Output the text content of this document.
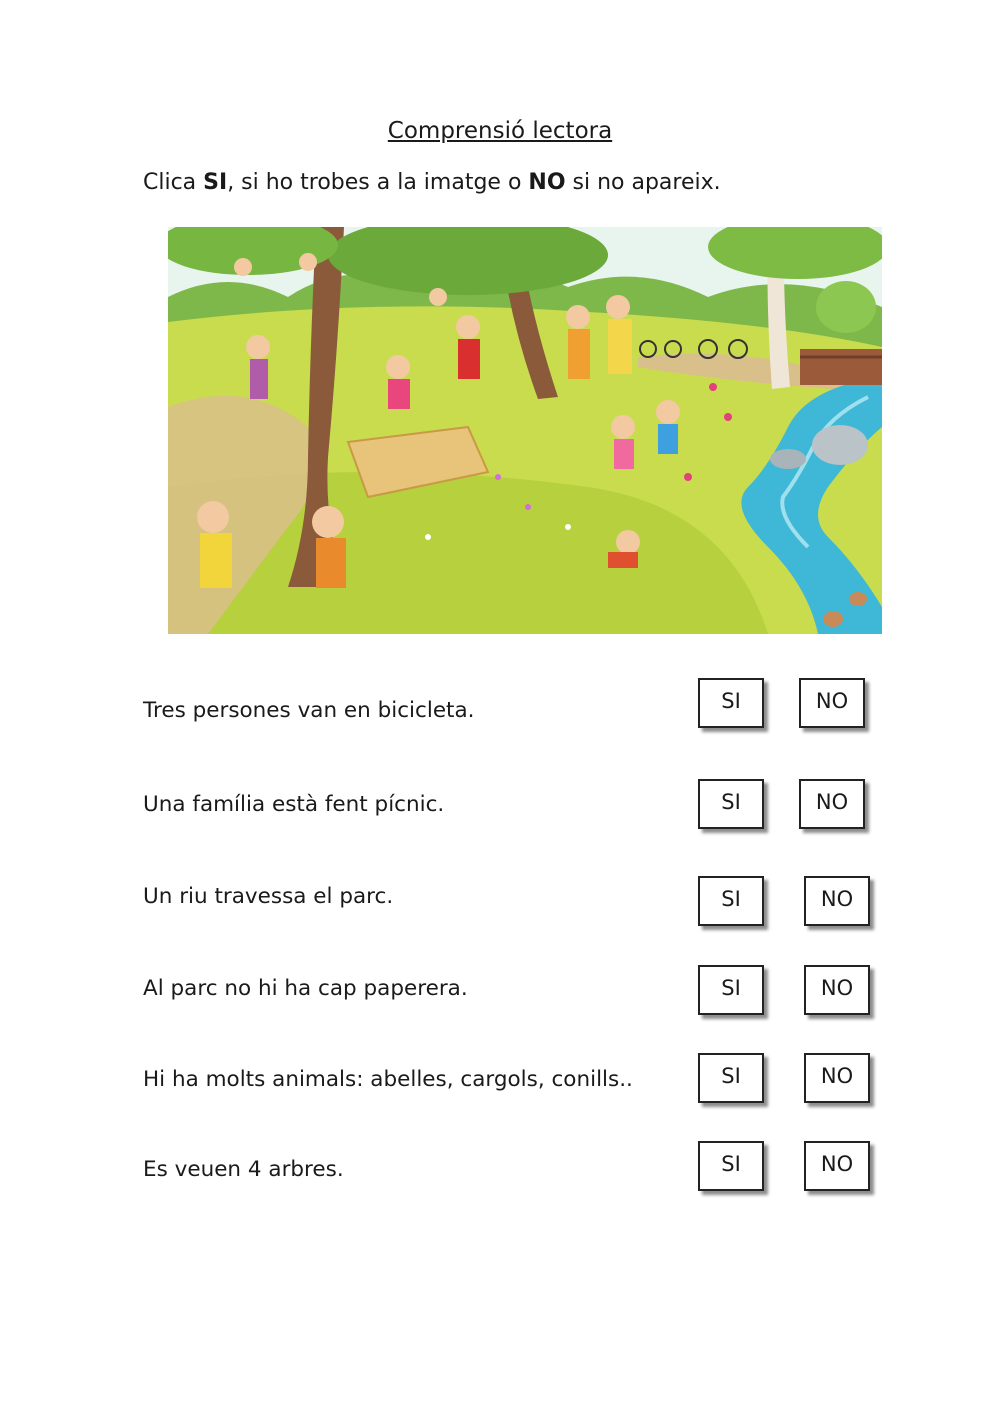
Comprensió lectora
Clica SI, si ho trobes a la imatge o NO si no apareix.
Tres persones van en bicicleta.	SI	NO
Una família està fent pícnic.	SI	NO
Un riu travessa el parc.	SI	NO
Al parc no hi ha cap paperera.	SI	NO
Hi ha molts animals: abelles, cargols, conills..	SI	NO
Es veuen 4 arbres.	SI	NO
